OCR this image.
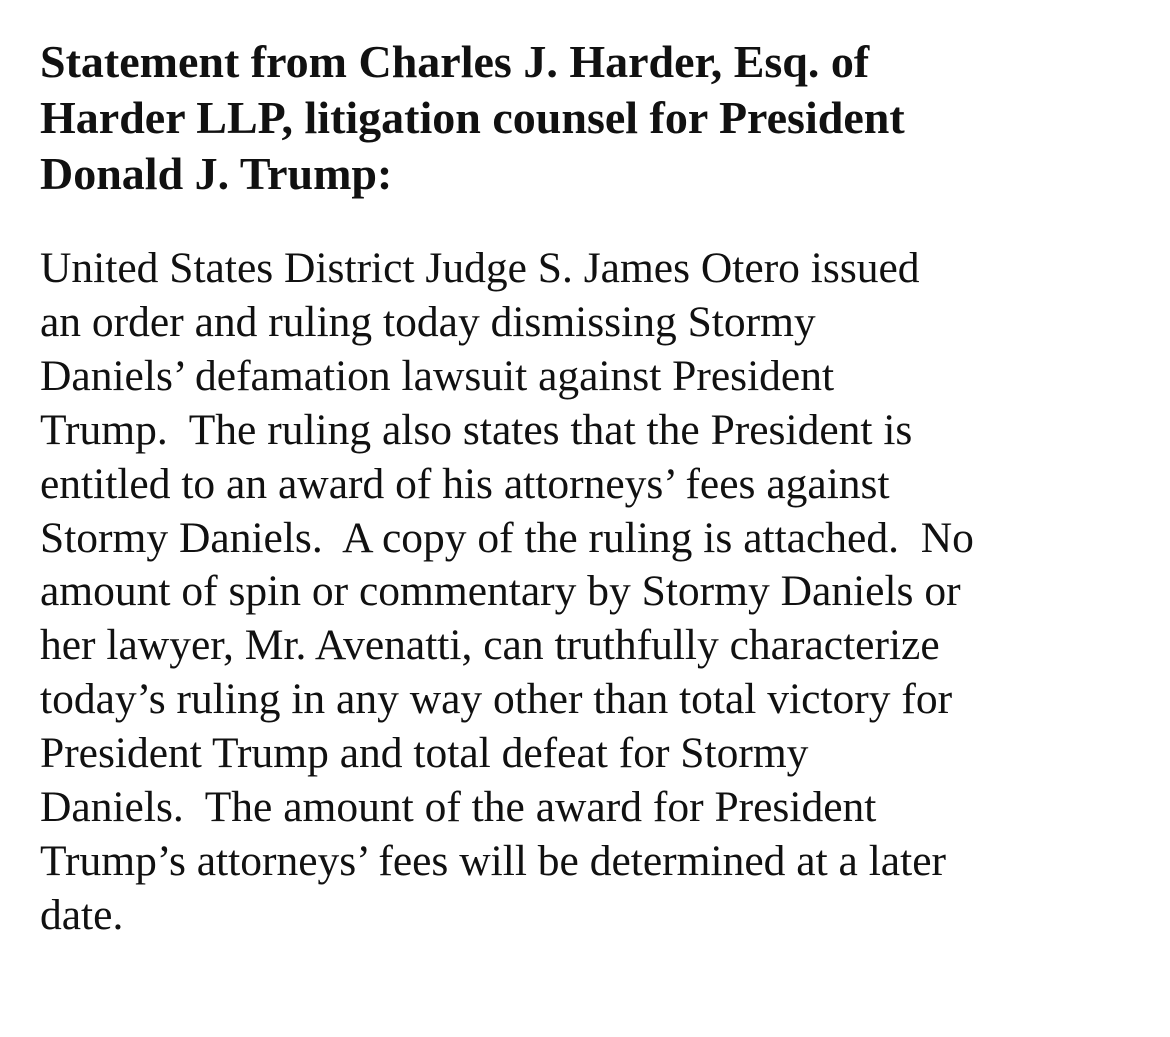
Statement from Charles J. Harder, Esq. of
Harder LLP, litigation counsel for President
Donald J. Trump:

United States District Judge S. James Otero issued
an order and ruling today dismissing Stormy
Daniels’ defamation lawsuit against President
Trump.  The ruling also states that the President is
entitled to an award of his attorneys’ fees against
Stormy Daniels.  A copy of the ruling is attached.  No
amount of spin or commentary by Stormy Daniels or
her lawyer, Mr. Avenatti, can truthfully characterize
today’s ruling in any way other than total victory for
President Trump and total defeat for Stormy
Daniels.  The amount of the award for President
Trump’s attorneys’ fees will be determined at a later
date.
